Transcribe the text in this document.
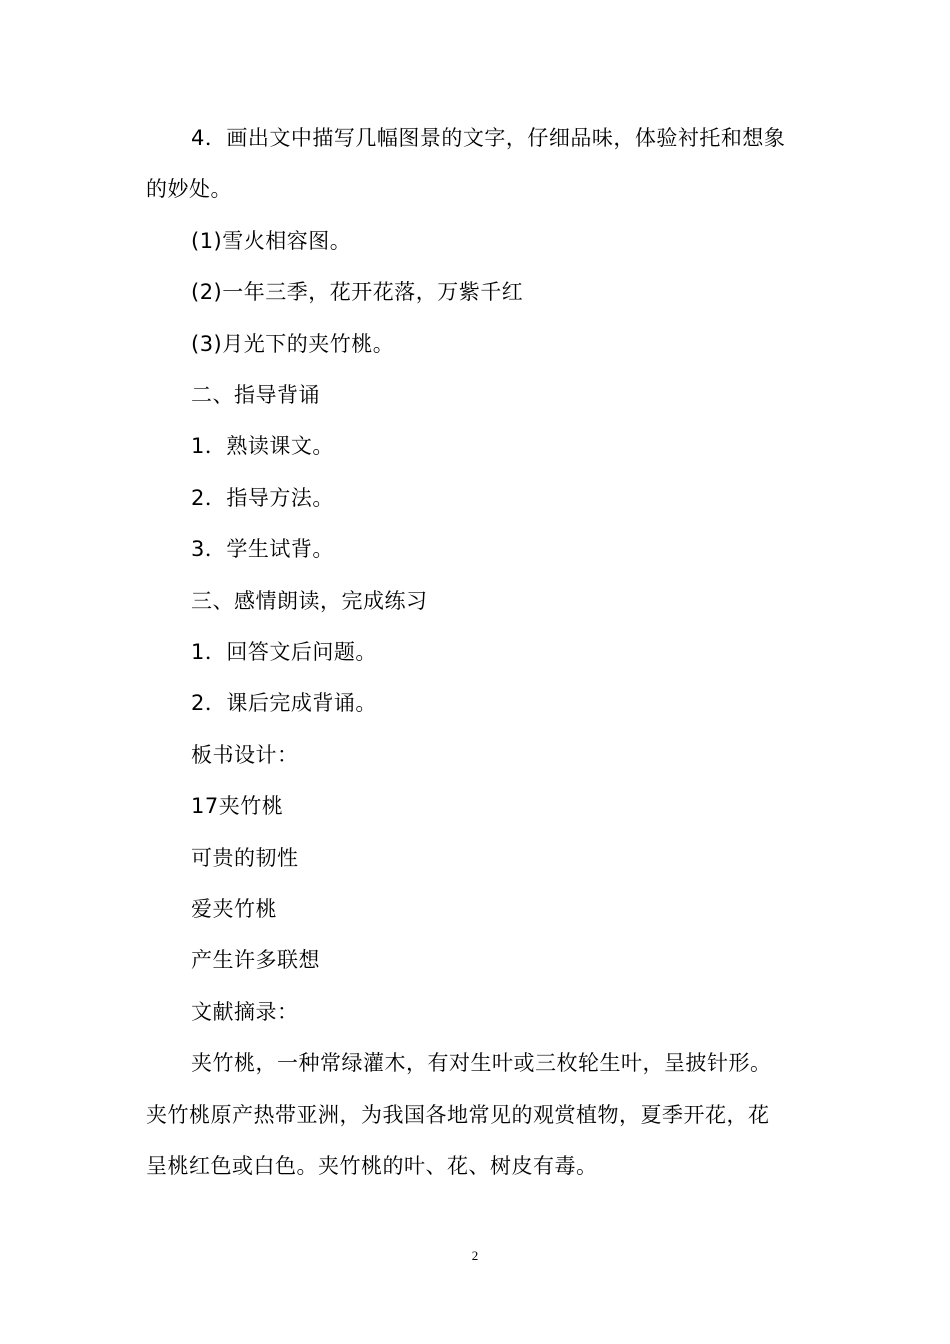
4．画出文中描写几幅图景的文字，仔细品味，体验衬托和想象
的妙处。
(1)雪火相容图。
(2)一年三季，花开花落，万紫千红
(3)月光下的夹竹桃。
二、指导背诵
1．熟读课文。
2．指导方法。
3．学生试背。
三、感情朗读，完成练习
1．回答文后问题。
2．课后完成背诵。
板书设计：
17夹竹桃
可贵的韧性
爱夹竹桃
产生许多联想
文献摘录：
夹竹桃，一种常绿灌木，有对生叶或三枚轮生叶，呈披针形。
夹竹桃原产热带亚洲，为我国各地常见的观赏植物，夏季开花，花
呈桃红色或白色。夹竹桃的叶、花、树皮有毒。
2
